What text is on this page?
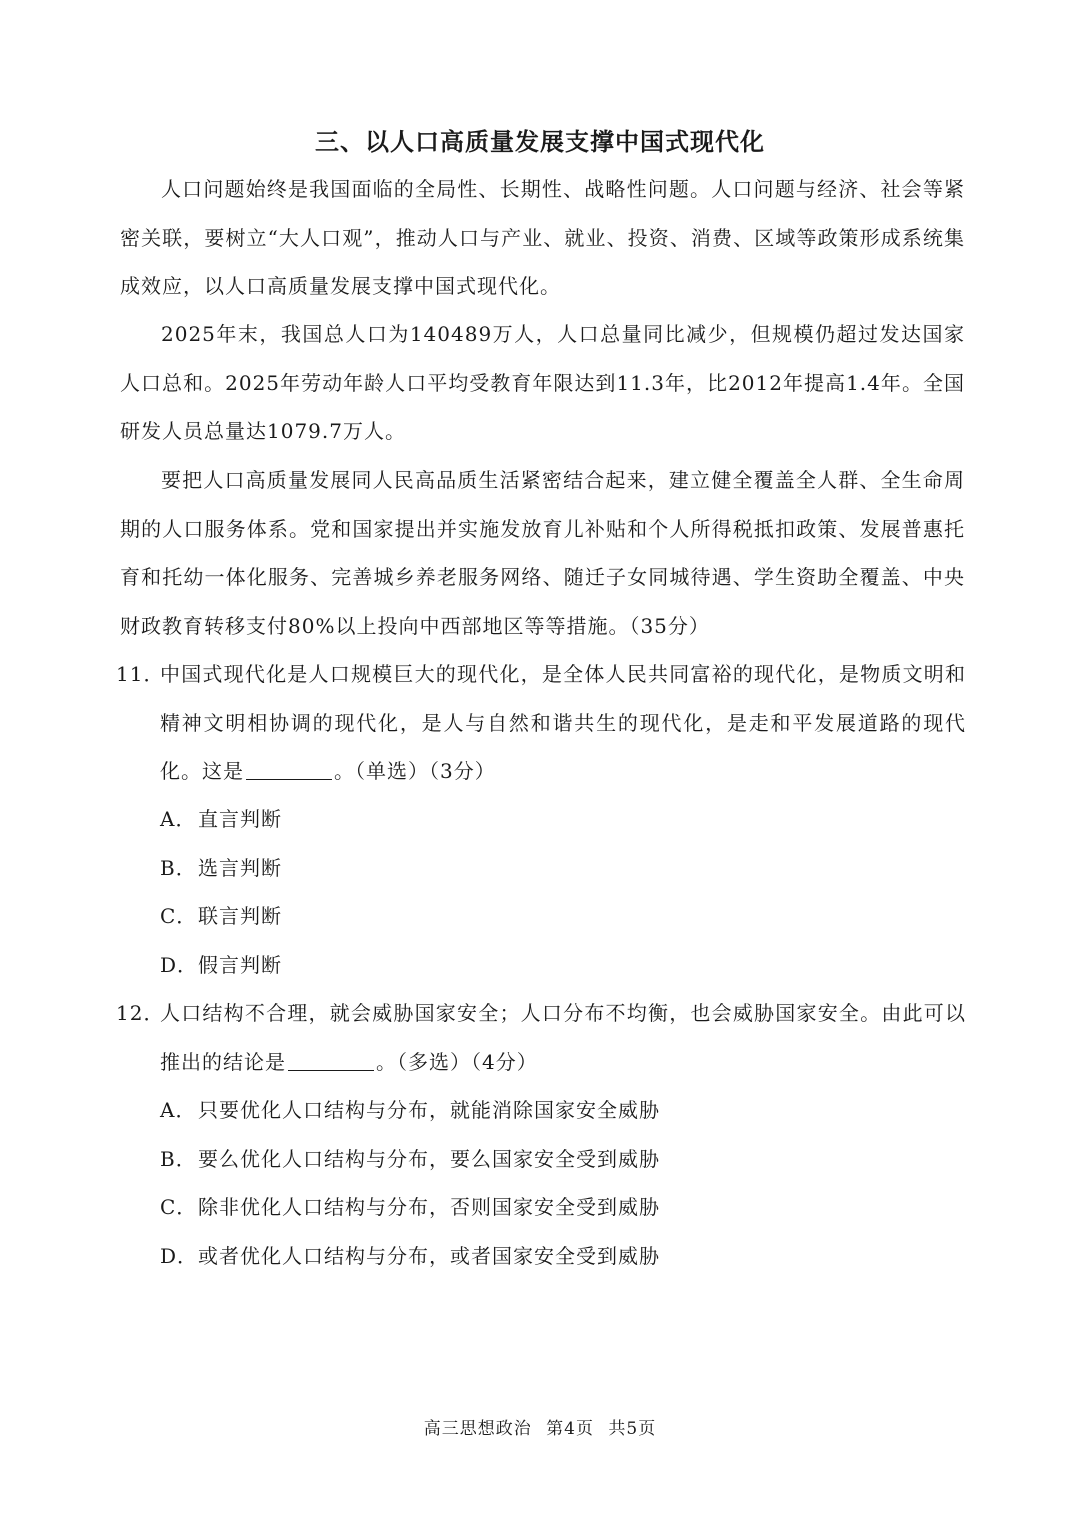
三、以人口高质量发展支撑中国式现代化
人口问题始终是我国面临的全局性、长期性、战略性问题。人口问题与经济、社会等紧密关联，要树立“大人口观”，推动人口与产业、就业、投资、消费、区域等政策形成系统集成效应，以人口高质量发展支撑中国式现代化。
2025年末，我国总人口为140489万人，人口总量同比减少，但规模仍超过发达国家人口总和。2025年劳动年龄人口平均受教育年限达到11.3年，比2012年提高1.4年。全国研发人员总量达1079.7万人。
要把人口高质量发展同人民高品质生活紧密结合起来，建立健全覆盖全人群、全生命周期的人口服务体系。党和国家提出并实施发放育儿补贴和个人所得税抵扣政策、发展普惠托育和托幼一体化服务、完善城乡养老服务网络、随迁子女同城待遇、学生资助全覆盖、中央财政教育转移支付80%以上投向中西部地区等等措施。（35分）
11．
中国式现代化是人口规模巨大的现代化，是全体人民共同富裕的现代化，是物质文明和精神文明相协调的现代化，是人与自然和谐共生的现代化，是走和平发展道路的现代化。这是	。（单选）（3分）
A．直言判断
B．选言判断
C．联言判断
D．假言判断
12．
人口结构不合理，就会威胁国家安全；人口分布不均衡，也会威胁国家安全。由此可以推出的结论是	。（多选）（4分）
A．只要优化人口结构与分布，就能消除国家安全威胁
B．要么优化人口结构与分布，要么国家安全受到威胁
C．除非优化人口结构与分布，否则国家安全受到威胁
D．或者优化人口结构与分布，或者国家安全受到威胁
高三思想政治 第4页 共5页
